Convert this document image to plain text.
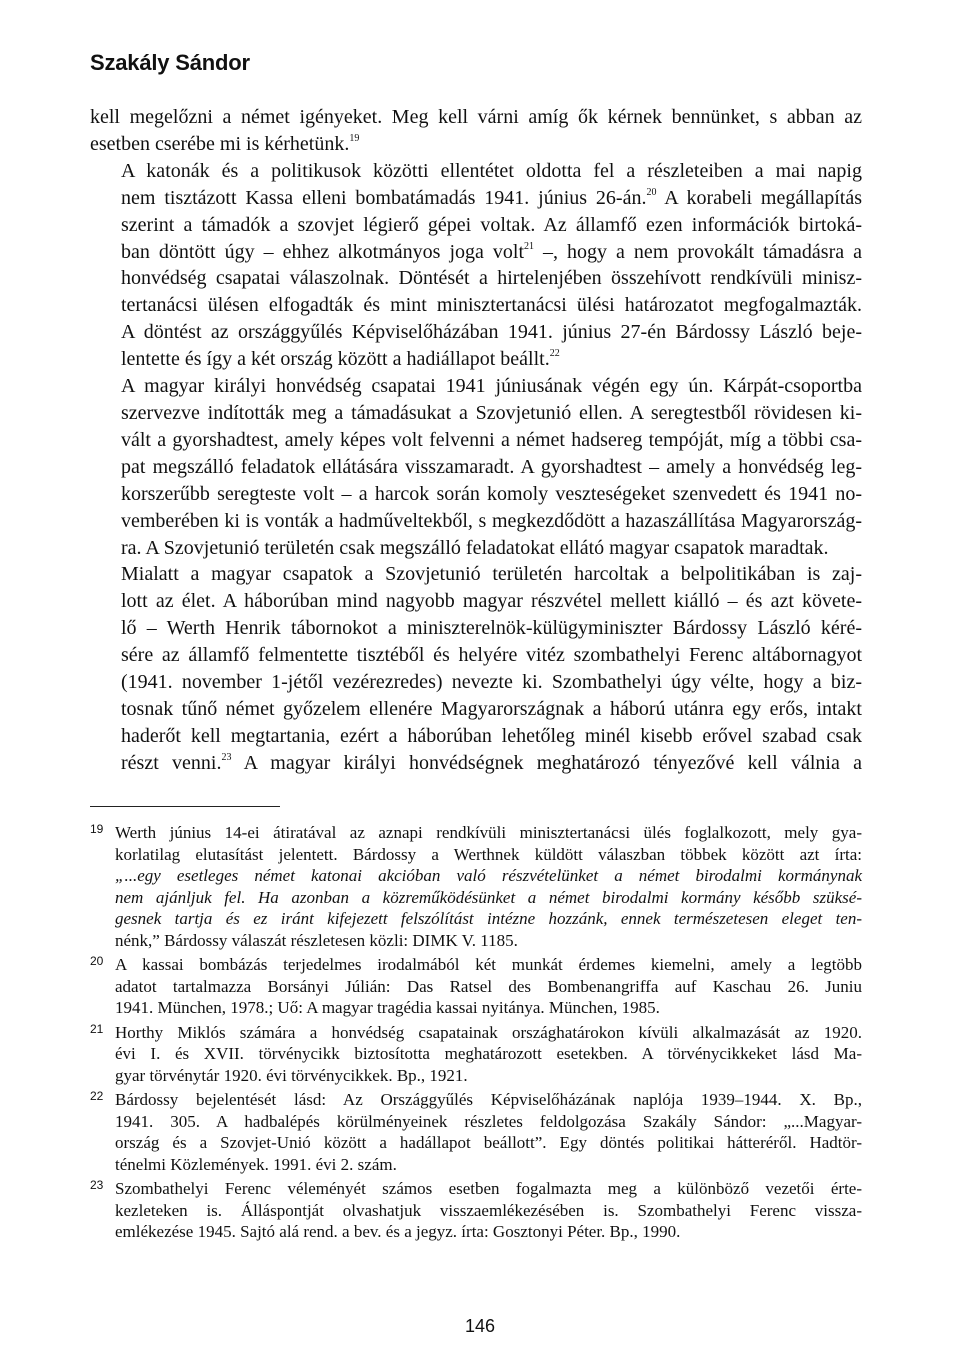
Szakály Sándor

kell megelőzni a német igényeket. Meg kell várni amíg ők kérnek bennünket, s abban az
esetben cserébe mi is kérhetünk.$^{19}$

A katonák és a politikusok közötti ellentétet oldotta fel a részleteiben a mai napig
nem tisztázott Kassa elleni bombatámadás 1941. június 26-án.$^{20}$ A korabeli megállapítás
szerint a támadók a szovjet légierő gépei voltak. Az államfő ezen információk birtoká-
ban döntött úgy – ehhez alkotmányos joga volt$^{21}$ –, hogy a nem provokált támadásra a
honvédség csapatai válaszolnak. Döntését a hirtelenjében összehívott rendkívüli minisz-
tertanácsi ülésen elfogadták és mint minisztertanácsi ülési határozatot megfogalmazták.
A döntést az országgyűlés Képviselőházában 1941. június 27-én Bárdossy László beje-
lentette és így a két ország között a hadiállapot beállt.$^{22}$

A magyar királyi honvédség csapatai 1941 júniusának végén egy ún. Kárpát-csoportba
szervezve indították meg a támadásukat a Szovjetunió ellen. A seregtestből rövidesen ki-
vált a gyorshadtest, amely képes volt felvenni a német hadsereg tempóját, míg a többi csa-
pat megszálló feladatok ellátására visszamaradt. A gyorshadtest – amely a honvédség leg-
korszerűbb seregteste volt – a harcok során komoly veszteségeket szenvedett és 1941 no-
vemberében ki is vonták a hadműveltekből, s megkezdődött a hazaszállítása Magyarország-
ra. A Szovjetunió területén csak megszálló feladatokat ellátó magyar csapatok maradtak.

Mialatt a magyar csapatok a Szovjetunió területén harcoltak a belpolitikában is zaj-
lott az élet. A háborúban mind nagyobb magyar részvétel mellett kiálló – és azt követe-
lő – Werth Henrik tábornokot a miniszterelnök-külügyminiszter Bárdossy László kéré-
sére az államfő felmentette tisztéből és helyére vitéz szombathelyi Ferenc altábornagyot
(1941. november 1-jétől vezérezredes) nevezte ki. Szombathelyi úgy vélte, hogy a biz-
tosnak tűnő német győzelem ellenére Magyarországnak a háború utánra egy erős, intakt
haderőt kell megtartania, ezért a háborúban lehetőleg minél kisebb erővel szabad csak
részt venni.$^{23}$ A magyar királyi honvédségnek meghatározó tényezővé kell válnia a

19 Werth június 14-ei átiratával az aznapi rendkívüli minisztertanácsi ülés foglalkozott, mely gya-
korlatilag elutasítást jelentett. Bárdossy a Werthnek küldött válaszban többek között azt írta:
„...egy esetleges német katonai akcióban való részvételünket a német birodalmi kormánynak
nem ajánljuk fel. Ha azonban a közreműködésünket a német birodalmi kormány később szüksé-
gesnek tartja és ez iránt kifejezett felszólítást intézne hozzánk, ennek természetesen eleget ten-
nénk,” Bárdossy válaszát részletesen közli: DIMK V. 1185.
20 A kassai bombázás terjedelmes irodalmából két munkát érdemes kiemelni, amely a legtöbb
adatot tartalmazza Borsányi Júlián: Das Ratsel des Bombenangriffa auf Kaschau 26. Juniu
1941. München, 1978.; Uő: A magyar tragédia kassai nyitánya. München, 1985.
21 Horthy Miklós számára a honvédség csapatainak országhatárokon kívüli alkalmazását az 1920.
évi I. és XVII. törvénycikk biztosította meghatározott esetekben. A törvénycikkeket lásd Ma-
gyar törvénytár 1920. évi törvénycikkek. Bp., 1921.
22 Bárdossy bejelentését lásd: Az Országgyűlés Képviselőházának naplója 1939–1944. X. Bp.,
1941. 305. A hadbalépés körülményeinek részletes feldolgozása Szakály Sándor: „...Magyar-
ország és a Szovjet-Unió között a hadállapot beállott”. Egy döntés politikai hátteréről. Hadtör-
ténelmi Közlemények. 1991. évi 2. szám.
23 Szombathelyi Ferenc véleményét számos esetben fogalmazta meg a különböző vezetői érte-
kezleteken is. Álláspontját olvashatjuk visszaemlékezésében is. Szombathelyi Ferenc vissza-
emlékezése 1945. Sajtó alá rend. a bev. és a jegyz. írta: Gosztonyi Péter. Bp., 1990.
146
